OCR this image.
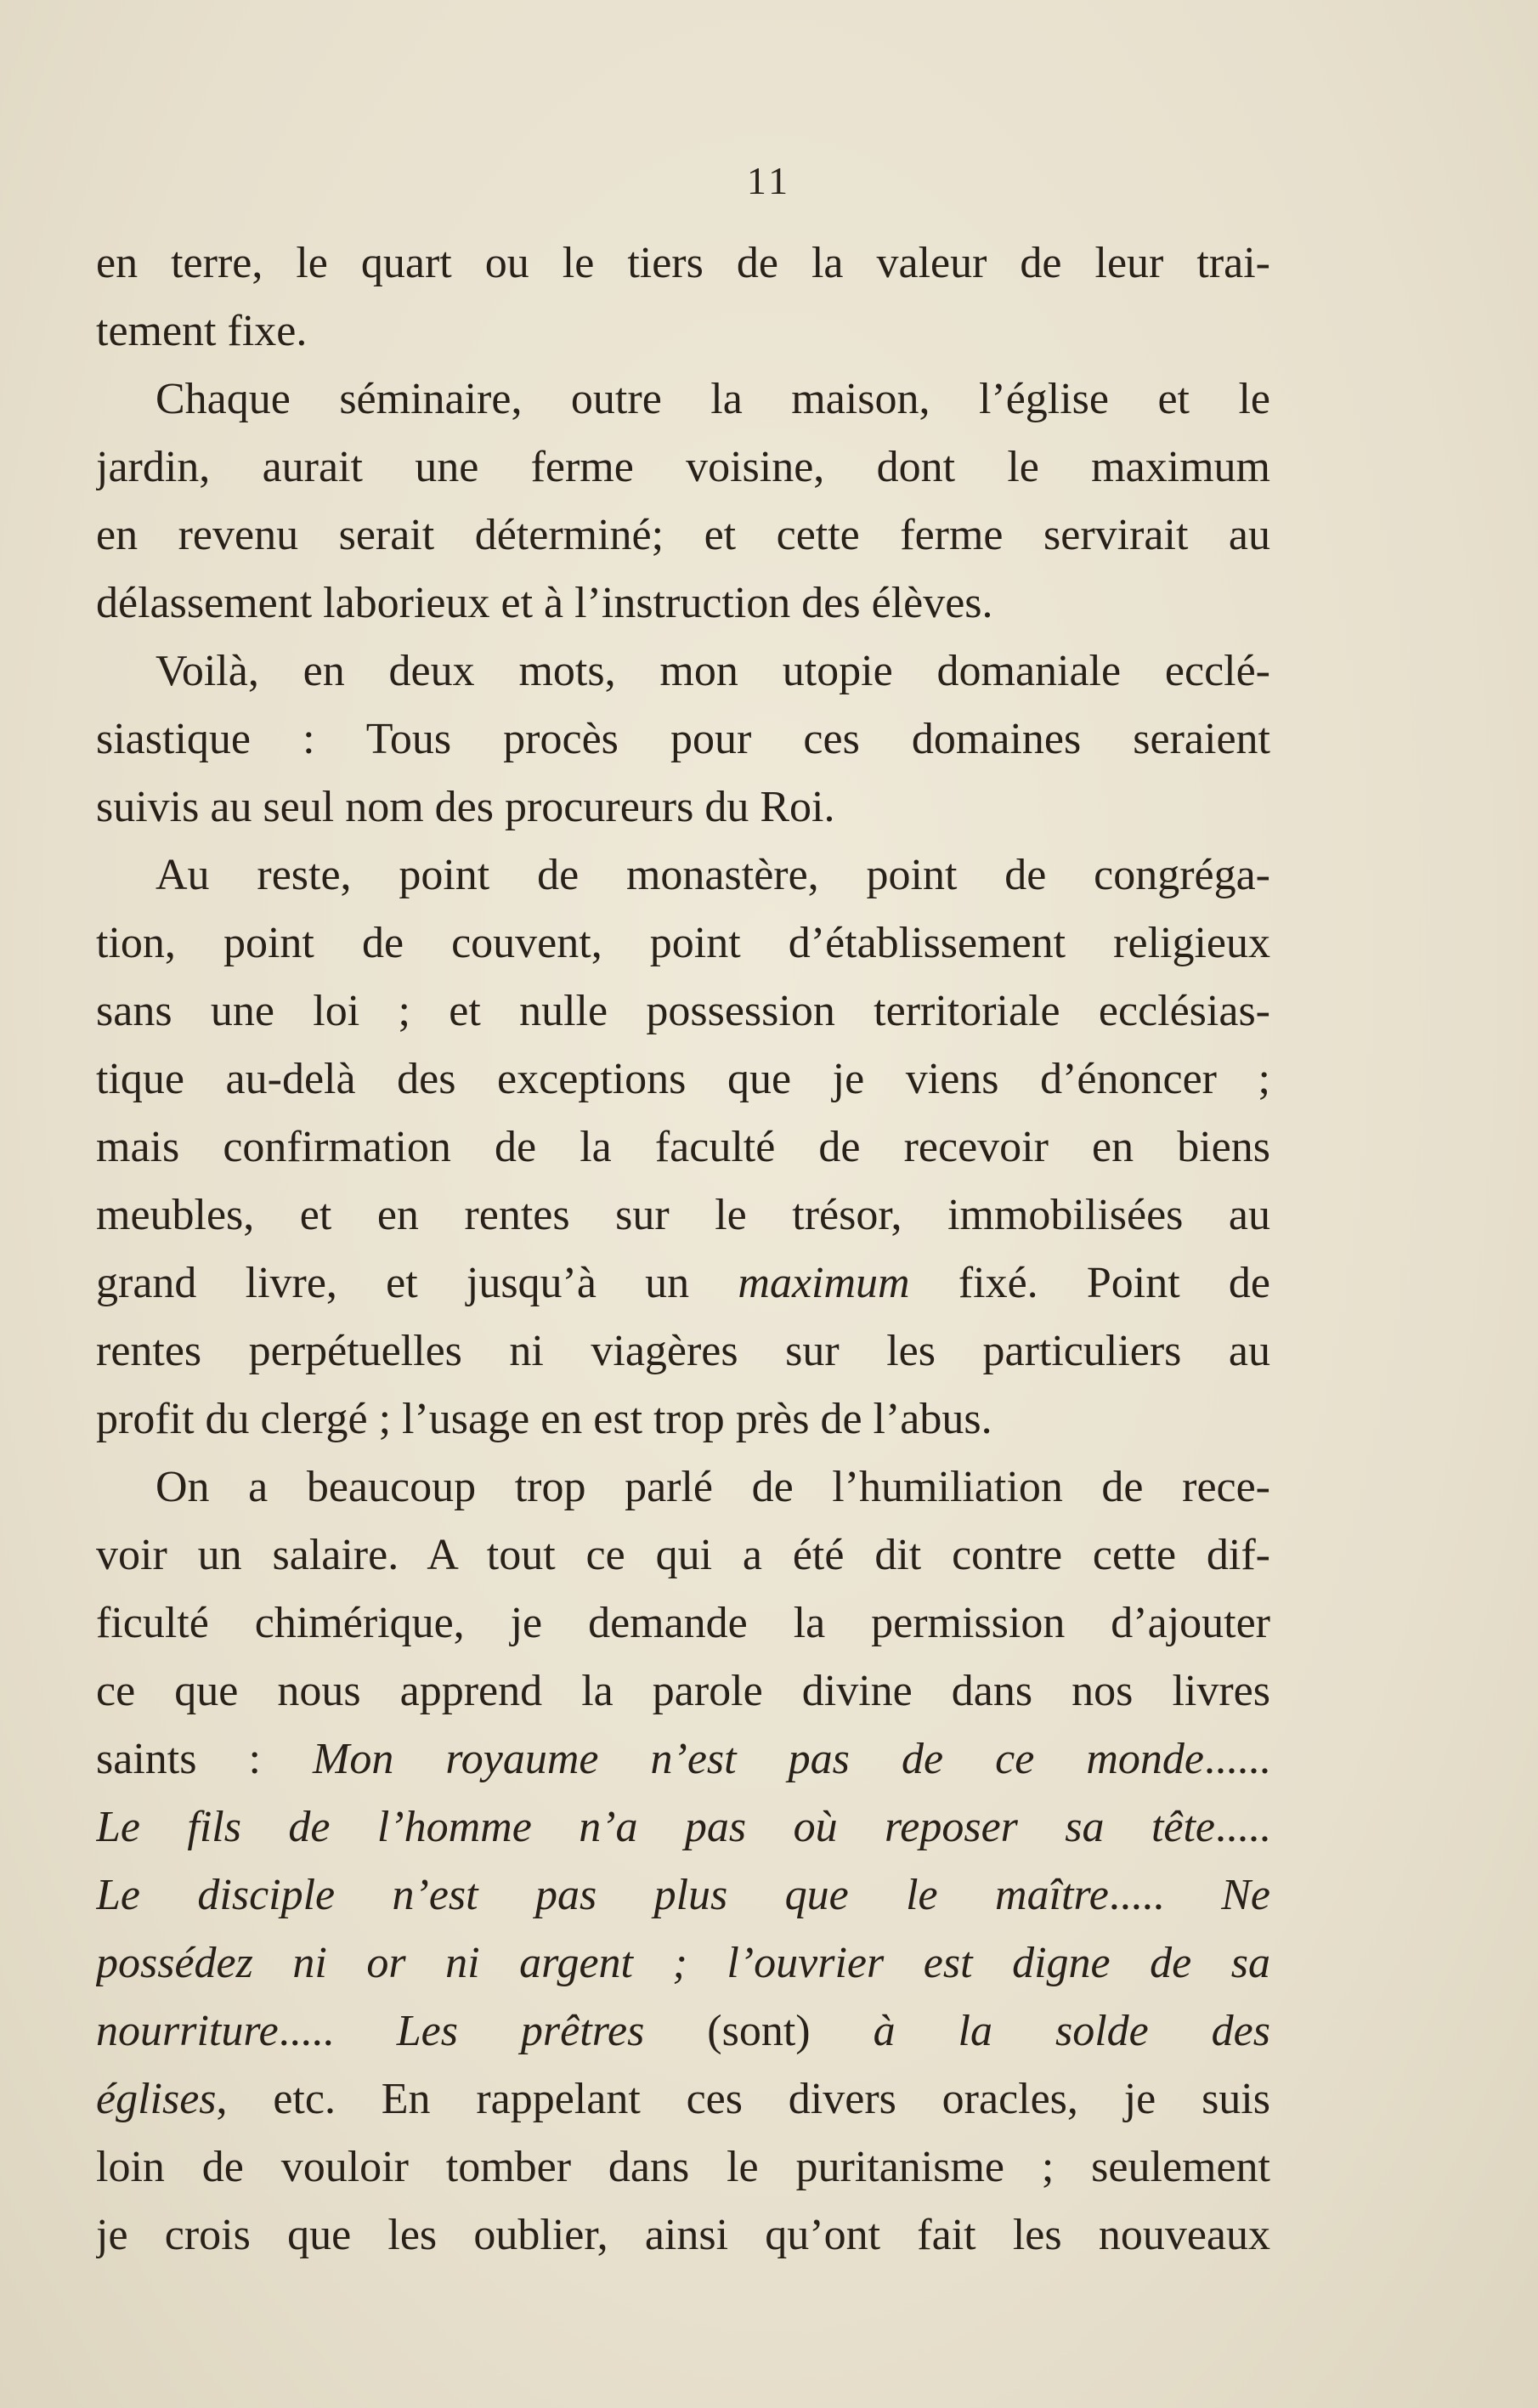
11
en terre, le quart ou le tiers de la valeur de leur trai-
tement fixe.
Chaque séminaire, outre la maison, l’église et le
jardin, aurait une ferme voisine, dont le maximum
en revenu serait déterminé; et cette ferme servirait au
délassement laborieux et à l’instruction des élèves.
Voilà, en deux mots, mon utopie domaniale ecclé-
siastique : Tous procès pour ces domaines seraient
suivis au seul nom des procureurs du Roi.
Au reste, point de monastère, point de congréga-
tion, point de couvent, point d’établissement religieux
sans une loi ; et nulle possession territoriale ecclésias-
tique au-delà des exceptions que je viens d’énoncer ;
mais confirmation de la faculté de recevoir en biens
meubles, et en rentes sur le trésor, immobilisées au
grand livre, et jusqu’à un maximum fixé. Point de
rentes perpétuelles ni viagères sur les particuliers au
profit du clergé ; l’usage en est trop près de l’abus.
On a beaucoup trop parlé de l’humiliation de rece-
voir un salaire. A tout ce qui a été dit contre cette dif-
ficulté chimérique, je demande la permission d’ajouter
ce que nous apprend la parole divine dans nos livres
saints : Mon royaume n’est pas de ce monde......
Le fils de l’homme n’a pas où reposer sa tête.....
Le disciple n’est pas plus que le maître..... Ne
possédez ni or ni argent ; l’ouvrier est digne de sa
nourriture..... Les prêtres (sont) à la solde des
églises, etc. En rappelant ces divers oracles, je suis
loin de vouloir tomber dans le puritanisme ; seulement
je crois que les oublier, ainsi qu’ont fait les nouveaux
